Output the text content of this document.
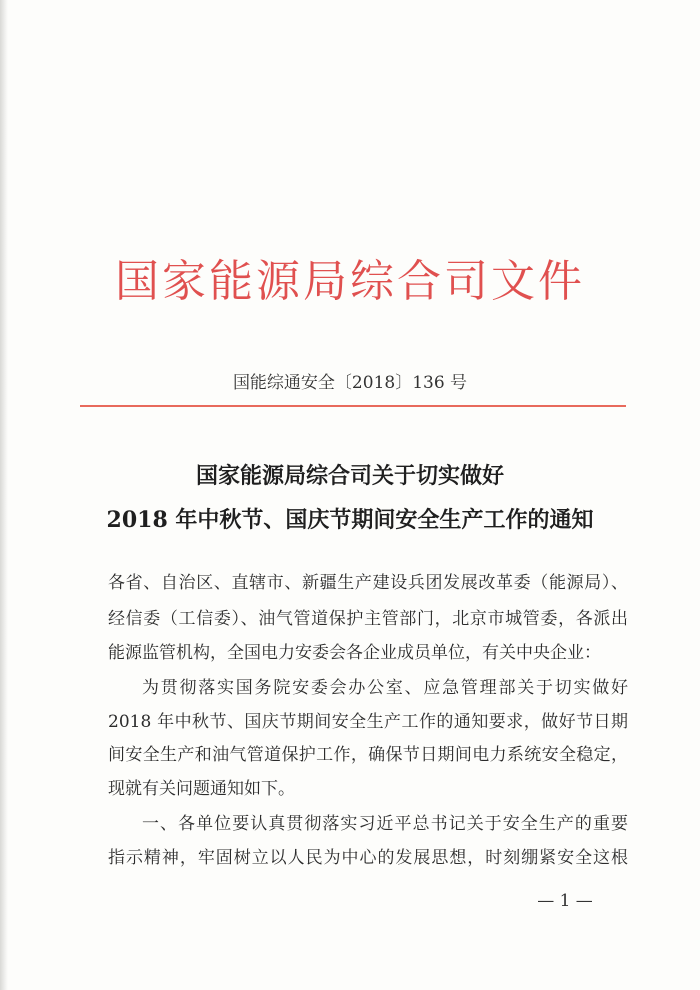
国家能源局综合司文件
国能综通安全〔2018〕136 号
国家能源局综合司关于切实做好
2018 年中秋节、国庆节期间安全生产工作的通知
各省、自治区、直辖市、新疆生产建设兵团发展改革委（能源局）、
经信委（工信委）、油气管道保护主管部门，北京市城管委，各派出
能源监管机构，全国电力安委会各企业成员单位，有关中央企业：
为贯彻落实国务院安委会办公室、应急管理部关于切实做好
2018 年中秋节、国庆节期间安全生产工作的通知要求，做好节日期
间安全生产和油气管道保护工作，确保节日期间电力系统安全稳定，
现就有关问题通知如下。
一、各单位要认真贯彻落实习近平总书记关于安全生产的重要
指示精神，牢固树立以人民为中心的发展思想，时刻绷紧安全这根
— 1 —
